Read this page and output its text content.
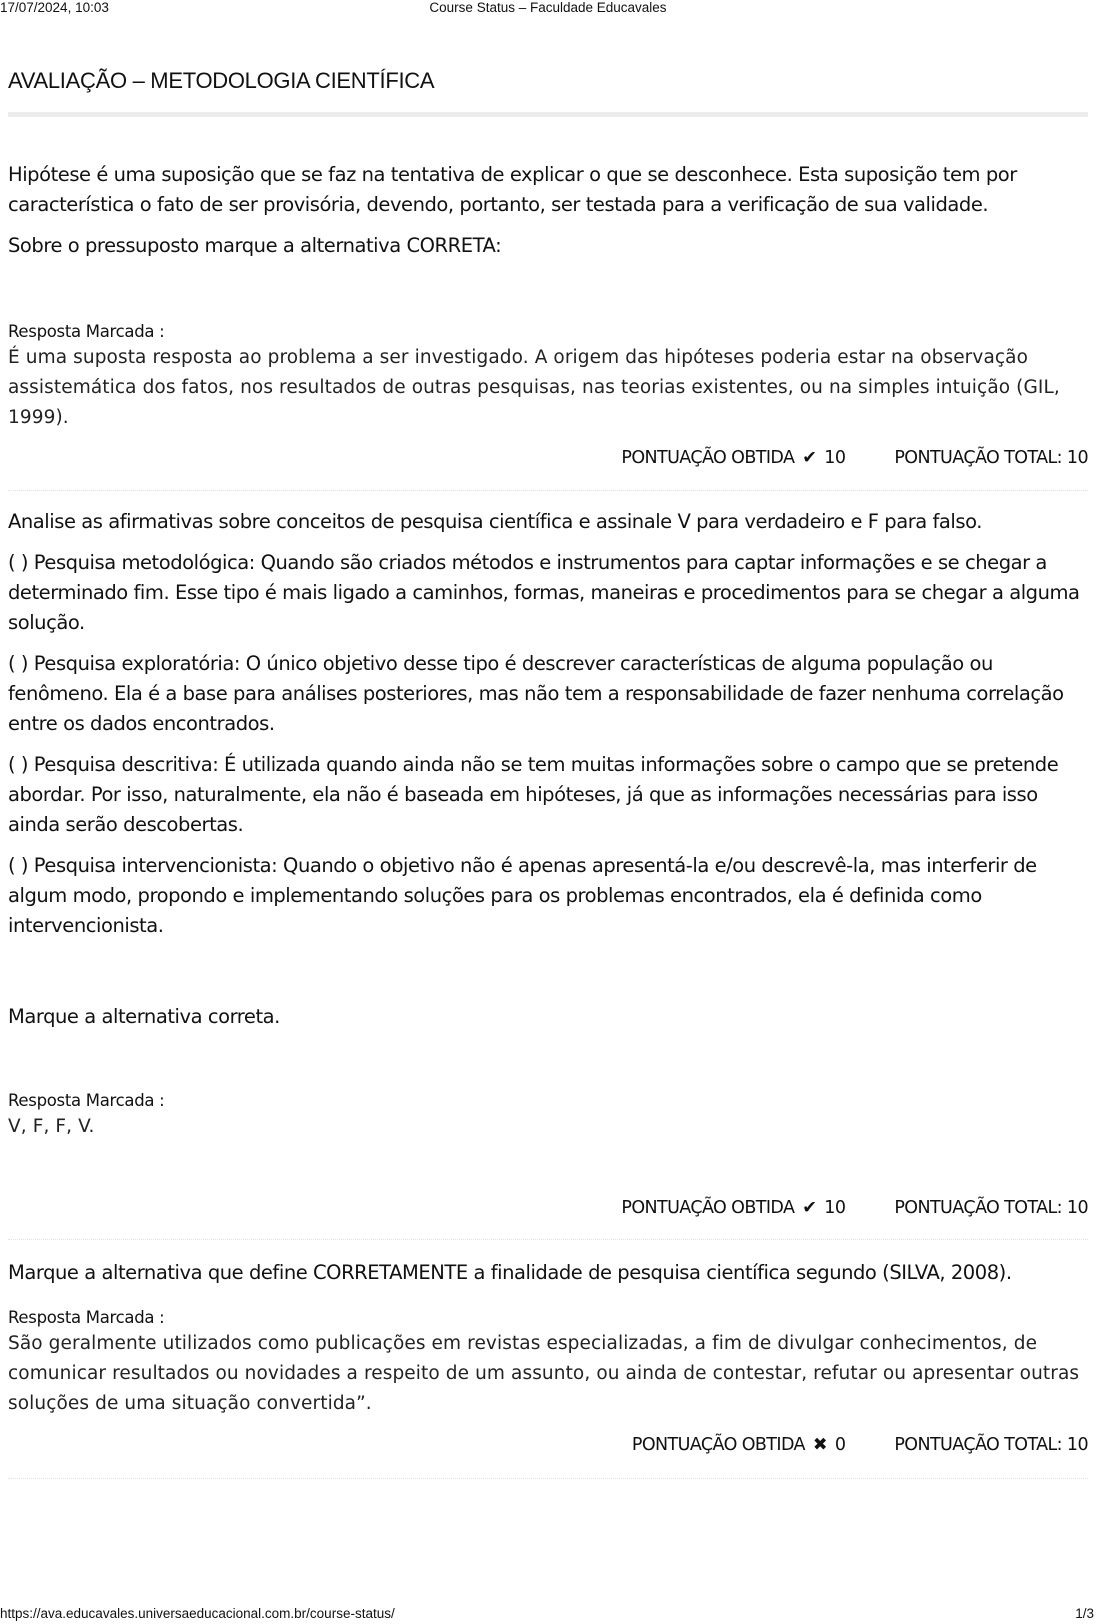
17/07/2024, 10:03	Course Status – Faculdade Educavales
AVALIAÇÃO – METODOLOGIA CIENTÍFICA

Hipótese é uma suposição que se faz na tentativa de explicar o que se desconhece. Esta suposição tem por característica o fato de ser provisória, devendo, portanto, ser testada para a verificação de sua validade.

Sobre o pressuposto marque a alternativa CORRETA:

Resposta Marcada :
É uma suposta resposta ao problema a ser investigado. A origem das hipóteses poderia estar na observação assistemática dos fatos, nos resultados de outras pesquisas, nas teorias existentes, ou na simples intuição (GIL, 1999).
PONTUAÇÃO OBTIDA ✔ 10	PONTUAÇÃO TOTAL: 10

Analise as afirmativas sobre conceitos de pesquisa científica e assinale V para verdadeiro e F para falso.

( ) Pesquisa metodológica: Quando são criados métodos e instrumentos para captar informações e se chegar a determinado fim. Esse tipo é mais ligado a caminhos, formas, maneiras e procedimentos para se chegar a alguma solução.

( ) Pesquisa exploratória: O único objetivo desse tipo é descrever características de alguma população ou fenômeno. Ela é a base para análises posteriores, mas não tem a responsabilidade de fazer nenhuma correlação entre os dados encontrados.

( ) Pesquisa descritiva: É utilizada quando ainda não se tem muitas informações sobre o campo que se pretende abordar. Por isso, naturalmente, ela não é baseada em hipóteses, já que as informações necessárias para isso ainda serão descobertas.

( ) Pesquisa intervencionista: Quando o objetivo não é apenas apresentá-la e/ou descrevê-la, mas interferir de algum modo, propondo e implementando soluções para os problemas encontrados, ela é definida como intervencionista.

Marque a alternativa correta.

Resposta Marcada :
V, F, F, V.
PONTUAÇÃO OBTIDA ✔ 10	PONTUAÇÃO TOTAL: 10

Marque a alternativa que define CORRETAMENTE a finalidade de pesquisa científica segundo (SILVA, 2008).

Resposta Marcada :
São geralmente utilizados como publicações em revistas especializadas, a fim de divulgar conhecimentos, de comunicar resultados ou novidades a respeito de um assunto, ou ainda de contestar, refutar ou apresentar outras soluções de uma situação convertida”.
PONTUAÇÃO OBTIDA ✖ 0	PONTUAÇÃO TOTAL: 10
https://ava.educavales.universaeducacional.com.br/course-status/	1/3
